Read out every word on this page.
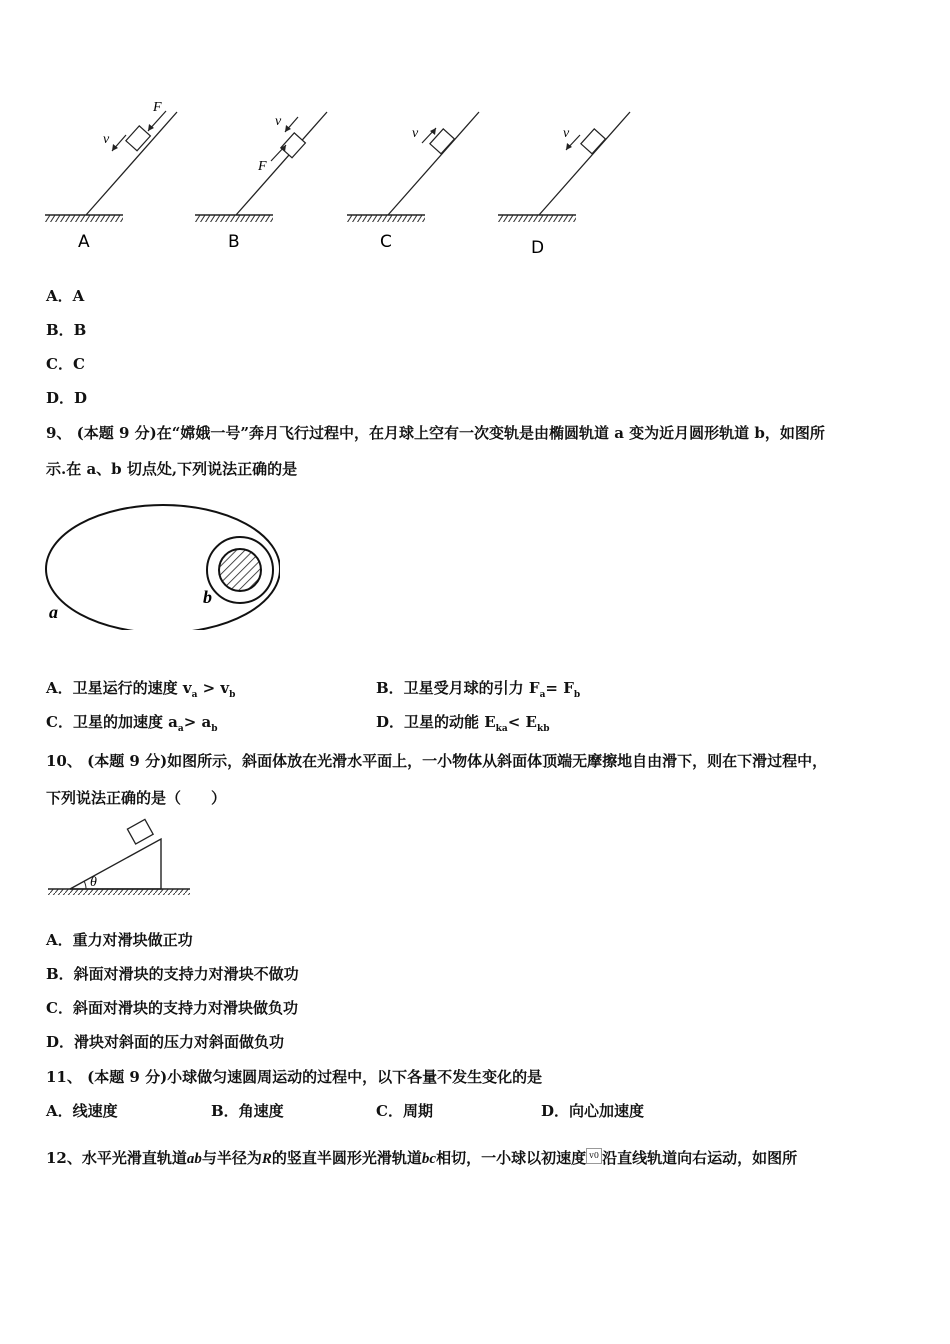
F
v
A
v
F
B
v
C
v
D
A．A
B．B
C．C
D．D
9、 (本题 9 分)在“嫦娥一号”奔月飞行过程中，在月球上空有一次变轨是由椭圆轨道 a 变为近月圆形轨道 b，如图所
示.在 a、b 切点处,下列说法正确的是
a
b
A．卫星运行的速度 $v_a > v_b$	B．卫星受月球的引力 $F_a= F_b$
C．卫星的加速度 $a_a> a_b$	D．卫星的动能 $E_{ka}< E_{kb}$
10、 (本题 9 分)如图所示，斜面体放在光滑水平面上，一小物体从斜面体顶端无摩擦地自由滑下，则在下滑过程中，
下列说法正确的是（　　）
θ
A．重力对滑块做正功
B．斜面对滑块的支持力对滑块不做功
C．斜面对滑块的支持力对滑块做负功
D．滑块对斜面的压力对斜面做负功
11、 (本题 9 分)小球做匀速圆周运动的过程中，以下各量不发生变化的是
A．线速度	B．角速度	C．周期	D．向心加速度
12、水平光滑直轨道ab与半径为R的竖直半圆形光滑轨道bc相切，一小球以初速度 v0 沿直线轨道向右运动，如图所
